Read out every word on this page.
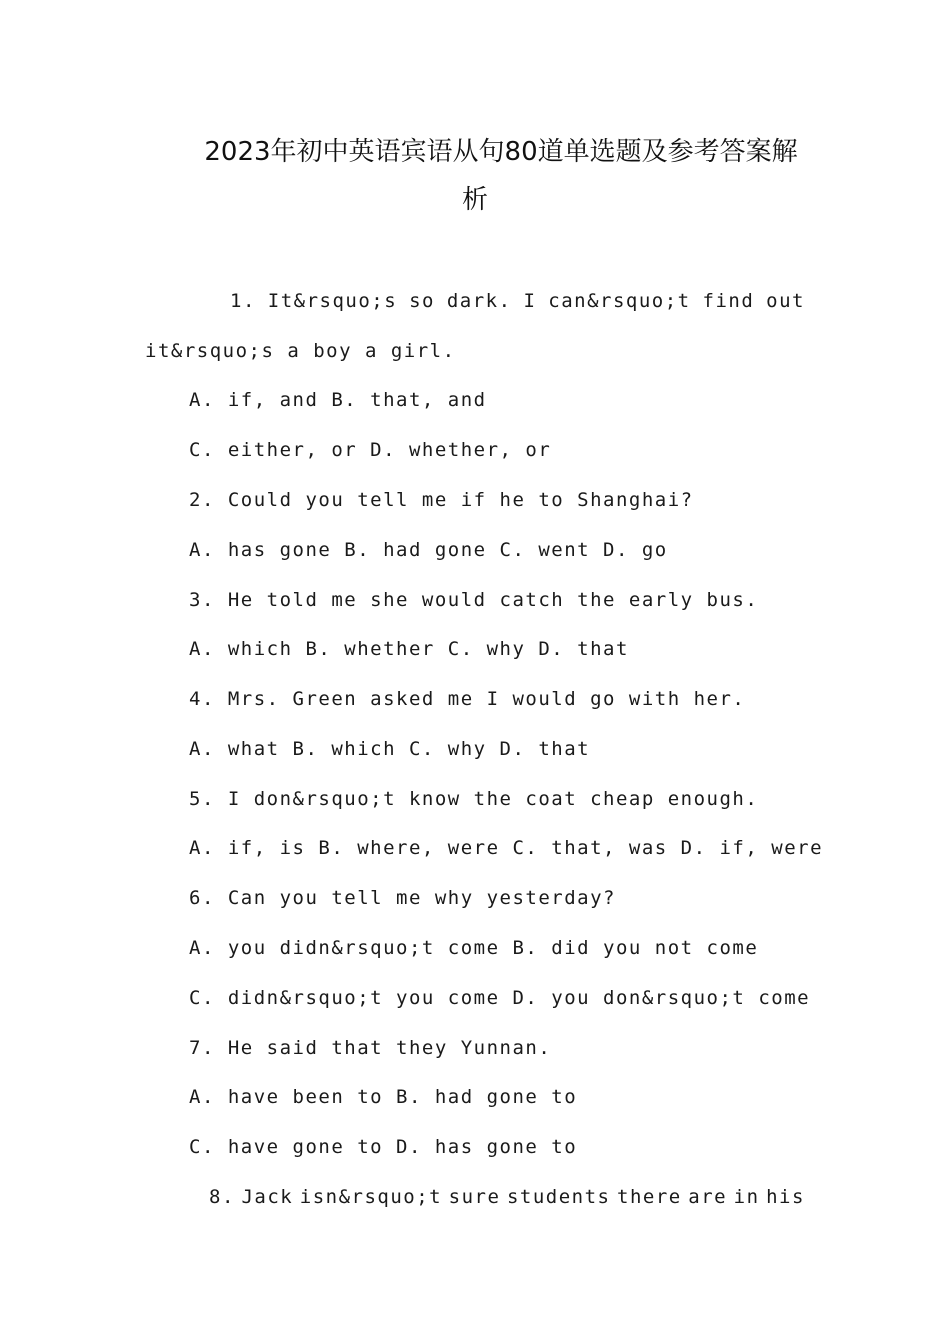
2023年初中英语宾语从句80道单选题及参考答案解
析
1. It&rsquo;s so dark. I can&rsquo;t find out
it&rsquo;s a boy a girl.
A. if, and B. that, and
C. either, or D. whether, or
2. Could you tell me if he to Shanghai?
A. has gone B. had gone C. went D. go
3. He told me she would catch the early bus.
A. which B. whether C. why D. that
4. Mrs. Green asked me I would go with her.
A. what B. which C. why D. that
5. I don&rsquo;t know the coat cheap enough.
A. if, is B. where, were C. that, was D. if, were
6. Can you tell me why yesterday?
A. you didn&rsquo;t come B. did you not come
C. didn&rsquo;t you come D. you don&rsquo;t come
7. He said that they Yunnan.
A. have been to B. had gone to
C. have gone to D. has gone to
8. Jack isn&rsquo;t sure students there are in his
